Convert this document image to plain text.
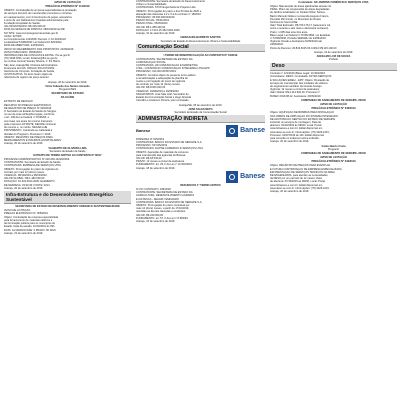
AVISO DE LICITAÇÃO
PREGÃO ELETRÔNICO Nº 114/2019
OBJETO: Contratação de empresa especializada na prestação
de serviços técnicos de manutenção preventiva e corretiva
em equipamentos, com fornecimento de peças, acessórios
e itens de uso habitual dos hospitais administrados pela
Fundação Hospitalar de Saúde.
VALOR ESTIMADO: R$ 225.000,00
DATA DA SESSÃO DE DISPUTA: 08/10/2019 às 09h
NO SITE: www.comprasgovernamentais.gov.br
UASG: 927300
Lei Complementar 123/2006; Decreto nº 10.024/2019;
Lei Estadual 5.848/2006; Lei Federal 10.520/2002.
DATA DE ABERTURA: 24/09/2019
INÍCIO DO RECEBIMENTO DAS PROPOSTAS: 24/09/2019
AVISO PUBLICADO: 05/09/2019
INFORMAÇÕES DE CONSULTA E EDITAL: fhs.se.gov.br
(79) 3198-1801; email: licitacao@fhs.se.gov.br,
ou na Rua Coronel Stanley Silveira, nº 63, Bairro
São José, Aracaju/SE. Diretoria Administrativo-
Financeira da FHS. ÓRGÃO SOLICITANTE:
Gerência de Compras; Fundação de Saúde
JUSTIFICATIVA: Os itens foram objeto de
referência de registro de preço anterior.
Aracaju, 20 de setembro de 2019.
Victor Eduardo dos Santos Azevedo
Pregoeiro/SES
SECRETARIA DE ESTADO
DA SAÚDE
EXTRATO DE DECISÃO
RECURSO DO PREGÃO ELETRÔNICO
DE REGISTRO DE PREÇO Nº 093/2019
O Secretário de Estado da Saúde de Sergipe,
no uso de suas atribuições legais, conforme
o art. 109 da Lei Federal nº 8.666/93, e
com base nos autos do recurso interposto
pela empresa LICITANTE, DECIDE conhecer
do recurso e, no mérito, NEGAR-LHE
PROVIMENTO, mantendo-se inalterada a
decisão do Pregoeiro. Processo nº 2019.
OBJETO: REGISTRO DE PREÇOS PARA
MEDICAMENTOS E INSUMOS HOSPITALARES.
Aracaju, 20 de setembro de 2019.
VALBERTO DE OLIVEIRA LIMA
Secretário de Estado da Saúde
EXTRATO DE TERMO ADITIVO AO CONTRATO Nº 82/17
PROCESSO ADMINISTRATIVO Nº 020.000.13220/2019
CONTRATANTE: Secretaria de Estado da Saúde
CONTRATADA: EMPRESA DE SERVIÇOS LTDA
OBJETO: Prorrogação do prazo de vigência do
contrato por mais 12 (doze) meses.
VIGÊNCIA: 08/10/2019 a 08/10/2020
VALOR GLOBAL: R$ 1.482.000,00
DOTAÇÃO: 10.302.0014.2000; ELEMENTO
DE DESPESA: 33.90.39; FONTE: 0214
Aracaju, 20 de setembro de 2019.
Infra-Estrutura e do Desenvolvimento Energético Sustentável
SECRETARIA DE ESTADO DE DESENVOLVIMENTO URBANO E SUSTENTABILIDADE
AVISO DE LICITAÇÃO
PREGÃO ELETRÔNICO Nº 005/2019
Objeto: Contratação de empresa especializada
para fornecimento de materiais elétricos e
de iluminação pública para os municípios do
Estado. Data da sessão: 10/10/2019 às 09h.
DATA: 11/10/2019 FASE: 3 PRAZO: 60 DIAS
Aracaju, 23 de setembro de 2019.
CONTRATANTE: Secretaria de Estado do Desenvolvimento
Urbano e Sustentabilidade
CONTRATADA: STCP Engenharia de Projetos Ltda
OBJETO: Prorrogação do prazo e dos 60 dias de 2020 e
alteração das cláusulas 2.2 e 5.4 do contrato nº 18/2016
PROCESSO: 35.000.00032/2019
PRAZO INICIAL: 05/11/2019
PRAZO FINAL: 05/05/2020
VALOR: R$ 1.289.400,00
DOTAÇÃO: 17.010.15.452.0004.2006
Aracaju, 10 de setembro de 2019.
UBIRAJARA BARRETO SANTOS
Secretário de Estado do Desenvolvimento Urbano e Sustentabilidade
Comunicação Social
I TERMO DE REMATRICULAÇÃO AO CONTRATO Nº 04/2019
CONTRATANTE: SECRETARIA DE ESTADO DA
COMUNICAÇÃO SOCIAL
CONTRATADA: HD COMUNICAÇÃO E MARKETING
LTDA - CONSÓRCIO COMUNICAÇÃO INTEGRADA LTDA EPP
PROCESSO: 014.000.00457/2019
OBJETO: Constitui objeto do presente termo aditivo
a rematriculação e adequação da planilha de
custos e prorrogação do prazo de vigência
do contrato por mais 12 (doze) meses.
VALOR: R$ 8.000.000,00
VIGÊNCIA: 19/09/2019 a 19/09/2020
SIGNATÁRIOS: José Sale Hoff, Secretário de
Estado da Comunicação Social e Hugo Almeida
Carvalho e Anderson Pereira, pelo contratado.
Aracaju/SE, 05 de setembro de 2019.
JOSÉ SALES NETO
Secretário de Estado da Comunicação Social
ADMINISTRAÇÃO INDIRETA
Banese	Banese
DISPENSA Nº 015/2019
CONTRATADA: BANCO DO ESTADO DE SERGIPE S.A.
PROCESSO: SP 015/2019
CONTRATADO: ELIPSE COMÉRCIO E SERVIÇOS LTDA
OBJETO: Aquisição de materiais de consumo
para manutenção das agências do Banese.
VALOR: R$ 18.540,00
PRAZO: 12 meses a contar da assinatura.
FUNDAMENTO: art. 29, II da Lei nº 13.303/2016.
Aracaju, 18 de setembro de 2019.
Banese
RESUMO DO 1º TERMO ADITIVO
Nº DO CONTRATO: 045/2018
CONTRATANTE: SECRETARIA DE ESTADO DA
AGRICULTURA, DESENVOLVIMENTO AGRÁRIO
E DA PESCA - SEAGRI / EMDAGRO
CONTRATADA: BANCO DO ESTADO DE SERGIPE S.A.
OBJETO: Prorrogação do prazo contratual por
mais 12 (doze) meses, a partir de 17/10/2019,
mantidas as demais cláusulas e condições.
VALOR: R$ 240.000,00
FUNDAMENTO: art. 57, II da Lei nº 8.666/93.
Aracaju, 16 de setembro de 2019.
Contratado: AR JARDINS COMÉRCIO E SERVIÇOS LTDA
Objeto: Manutenção de áreas ajardinadas através do
PRAD- Plano de recuperação de áreas degradadas
de Jardins localizados no Ginásio Nilton Santos,
Bairro Marcelo Déda e na Avenida Augusto Franco,
Povoado Rio Fundo, no Município de Nossa
Senhora do Socorro/SE.
Valor Total Estimado: R$ 700.176,17 (setecentos mil,
cento e setenta e seis reais e dezessete centavos).
Prazo: 1.095 dias e/ou três anos.
Base Legal: Lei Federal nº 8.666/1993, Lei Estadual
nº 5.848/2006, Portaria SEMARH de 24/09/2019.
Vigência: Desde a Assinatura 24/09/2019 até
24/09/2022.
Ponto de Recurso: 26.843.6315.06.0.0012 R$ 115.100,00
Aracaju, 24 de setembro de 2019.
ANCELMO LUIZ DE SOUZA
Prefeito
Deso
Contrato nº 121/2019 (Base Legal: 13.303/2016
(Contratante: DESO; Contratada: ASTRA SERVIÇOS
E SOLUÇÕES EIRELI - EPP; Objeto: Prestação de
serviços de manutenção das unidades do sistema
de esgotamento sanitário da Grande Aracaju.
Vigência: 12 meses a contar da assinatura;
Valor Global: R$ 2.212.902,00; Processo nº
BUSEX 2019.08.12. Assinatura: 20/09/2019.
COMPANHIA DE SANEAMENTO DE SERGIPE- DESO
AVISO DE LICITAÇÃO
PREGÃO ELETRÔNICO Nº 048/2019
Objeto: AQUISIÇÃO DE BOMBAS PARA INSTALAÇÃO
NAS OBRAS DE AMPLIAÇÃO DO SISTEMA INTEGRADO
DE ADUTORA DO SERTÃO DO ESTADO DE SERGIPE,
incluindo os serviços de montagem. Data de
abertura: 04/10/2019 às 09h00. Local: Portal
www.licitacoes-e.com.br. Edital disponível em
www.deso-se.com.br. Informações: (79) 3226-1001;
Processo: 04/07/2019 às 14h; Edital disponível
para consulta no endereço acima indicado.
Aracaju, 20 de setembro de 2019.
Carlos Bento Costa
Pregoeiro
COMPANHIA DE SANEAMENTO DE SERGIPE- DESO
AVISO DE LICITAÇÃO
PREGÃO ELETRÔNICO Nº 049/2019
Objeto: REGISTRO DE PREÇOS PARA EVENTUAL
E FUTURA CONTRATAÇÃO DE EMPRESA ESPECIALIZADA
EM PRESTAÇÃO DE SERVIÇOS TÉCNICOS NA ÁREA
DE ENGENHARIA, para atender as necessidades
da DESO por um período de 12 meses. Data
de abertura: 07/10/2019 às 09h00. Local: Portal
www.licitacoes-e.com.br. Edital disponível em
www.deso-se.com.br. Informações: (79) 3226-1001.
Aracaju, 20 de setembro de 2019.
